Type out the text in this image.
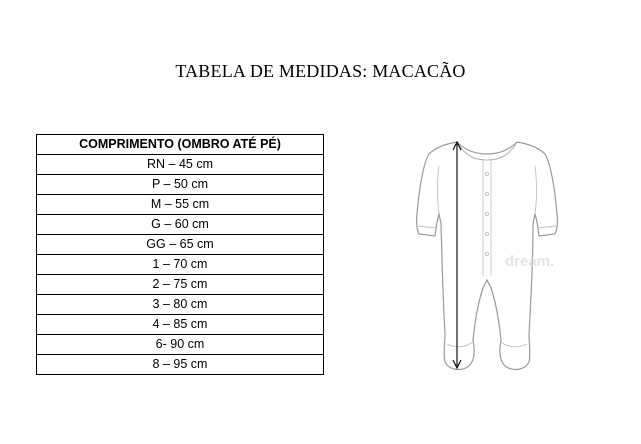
TABELA DE MEDIDAS: MACACÃO
COMPRIMENTO (OMBRO ATÉ PÉ)
RN – 45 cm
P – 50 cm
M – 55 cm
G – 60 cm
GG – 65 cm
1 – 70 cm
2 – 75 cm
3 – 80 cm
4 – 85 cm
6- 90 cm
8 – 95 cm
dream.
